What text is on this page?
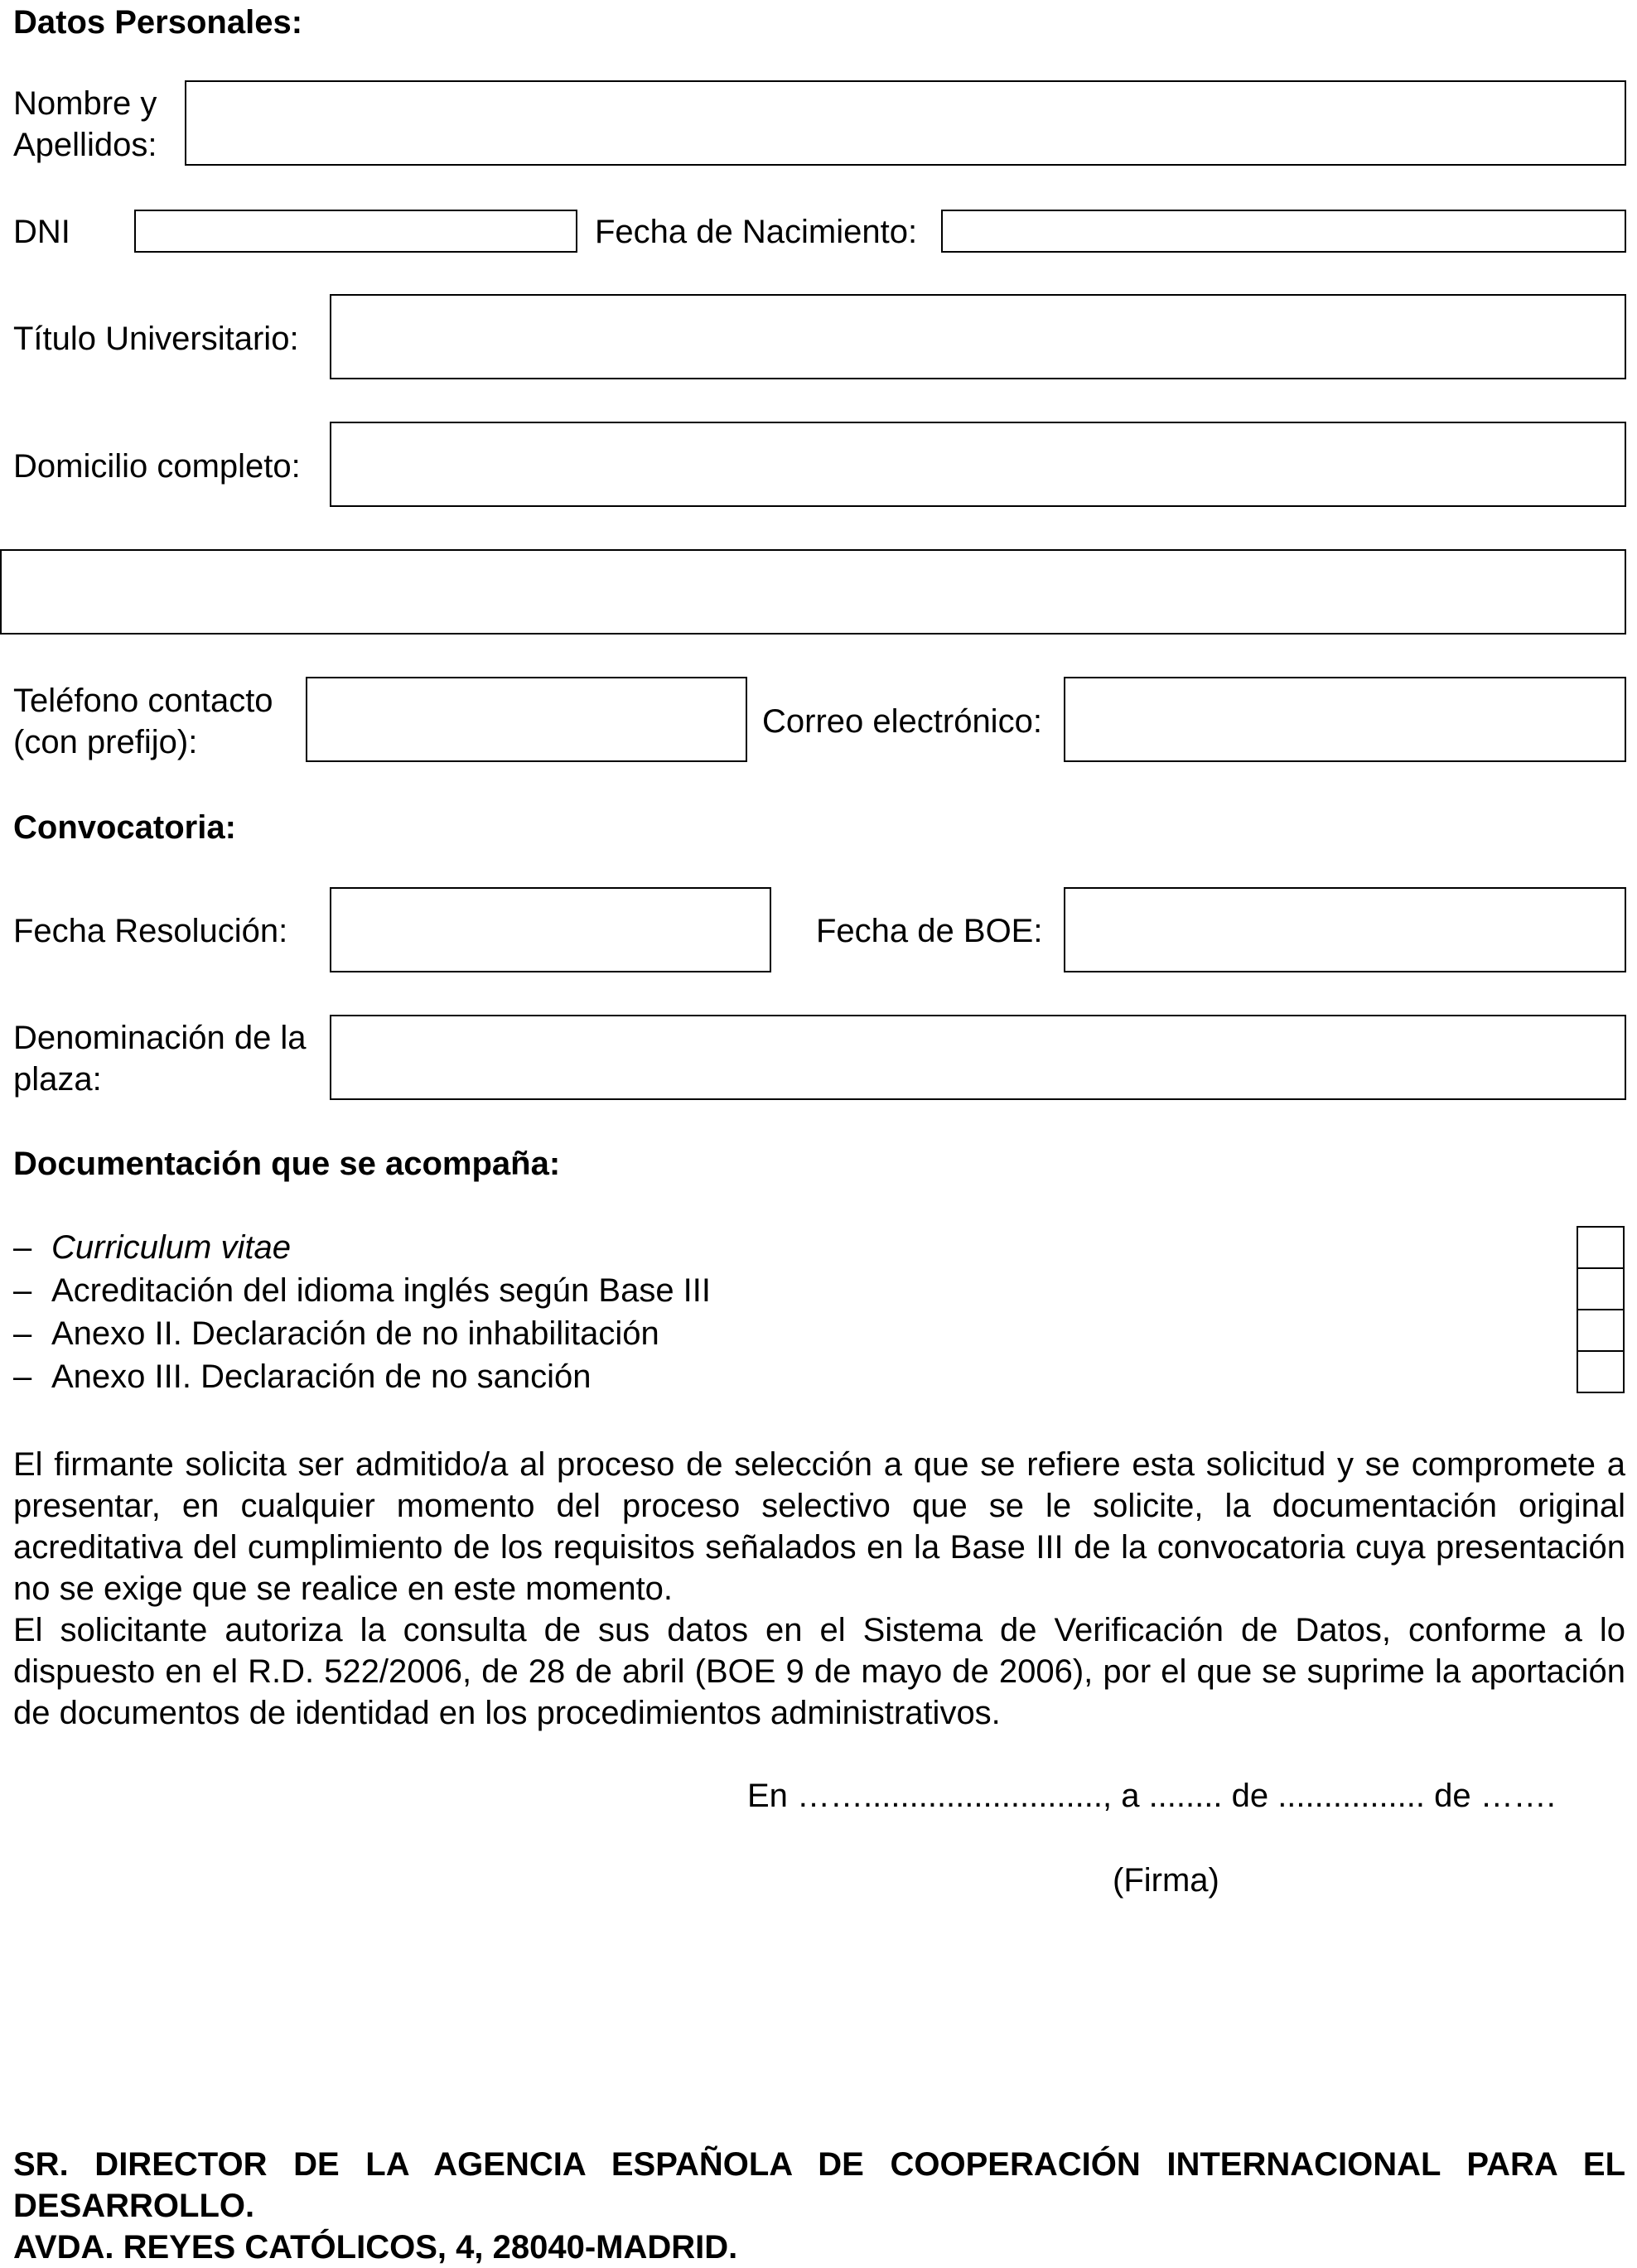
Datos Personales:
Nombre y
Apellidos:
DNI	Fecha de Nacimiento:
Título Universitario:
Domicilio completo:
Teléfono contacto
(con prefijo):
Correo electrónico:
Convocatoria:
Fecha Resolución:	Fecha de BOE:
Denominación de la
plaza:
Documentación que se acompaña:
– Curriculum vitae
– Acreditación del idioma inglés según Base III
– Anexo II. Declaración de no inhabilitación
– Anexo III. Declaración de no sanción
El firmante solicita ser admitido/a al proceso de selección a que se refiere esta solicitud y se compromete a presentar, en cualquier momento del proceso selectivo que se le solicite, la documentación original acreditativa del cumplimiento de los requisitos señalados en la Base III de la convocatoria cuya presentación no se exige que se realice en este momento.
El solicitante autoriza la consulta de sus datos en el Sistema de Verificación de Datos, conforme a lo dispuesto en el R.D. 522/2006, de 28 de abril (BOE 9 de mayo de 2006), por el que se suprime la aportación de documentos de identidad en los procedimientos administrativos.
En …….........................., a ........ de ................ de …….
(Firma)
SR. DIRECTOR DE LA AGENCIA ESPAÑOLA DE COOPERACIÓN INTERNACIONAL PARA EL
DESARROLLO.
AVDA. REYES CATÓLICOS, 4, 28040-MADRID.
